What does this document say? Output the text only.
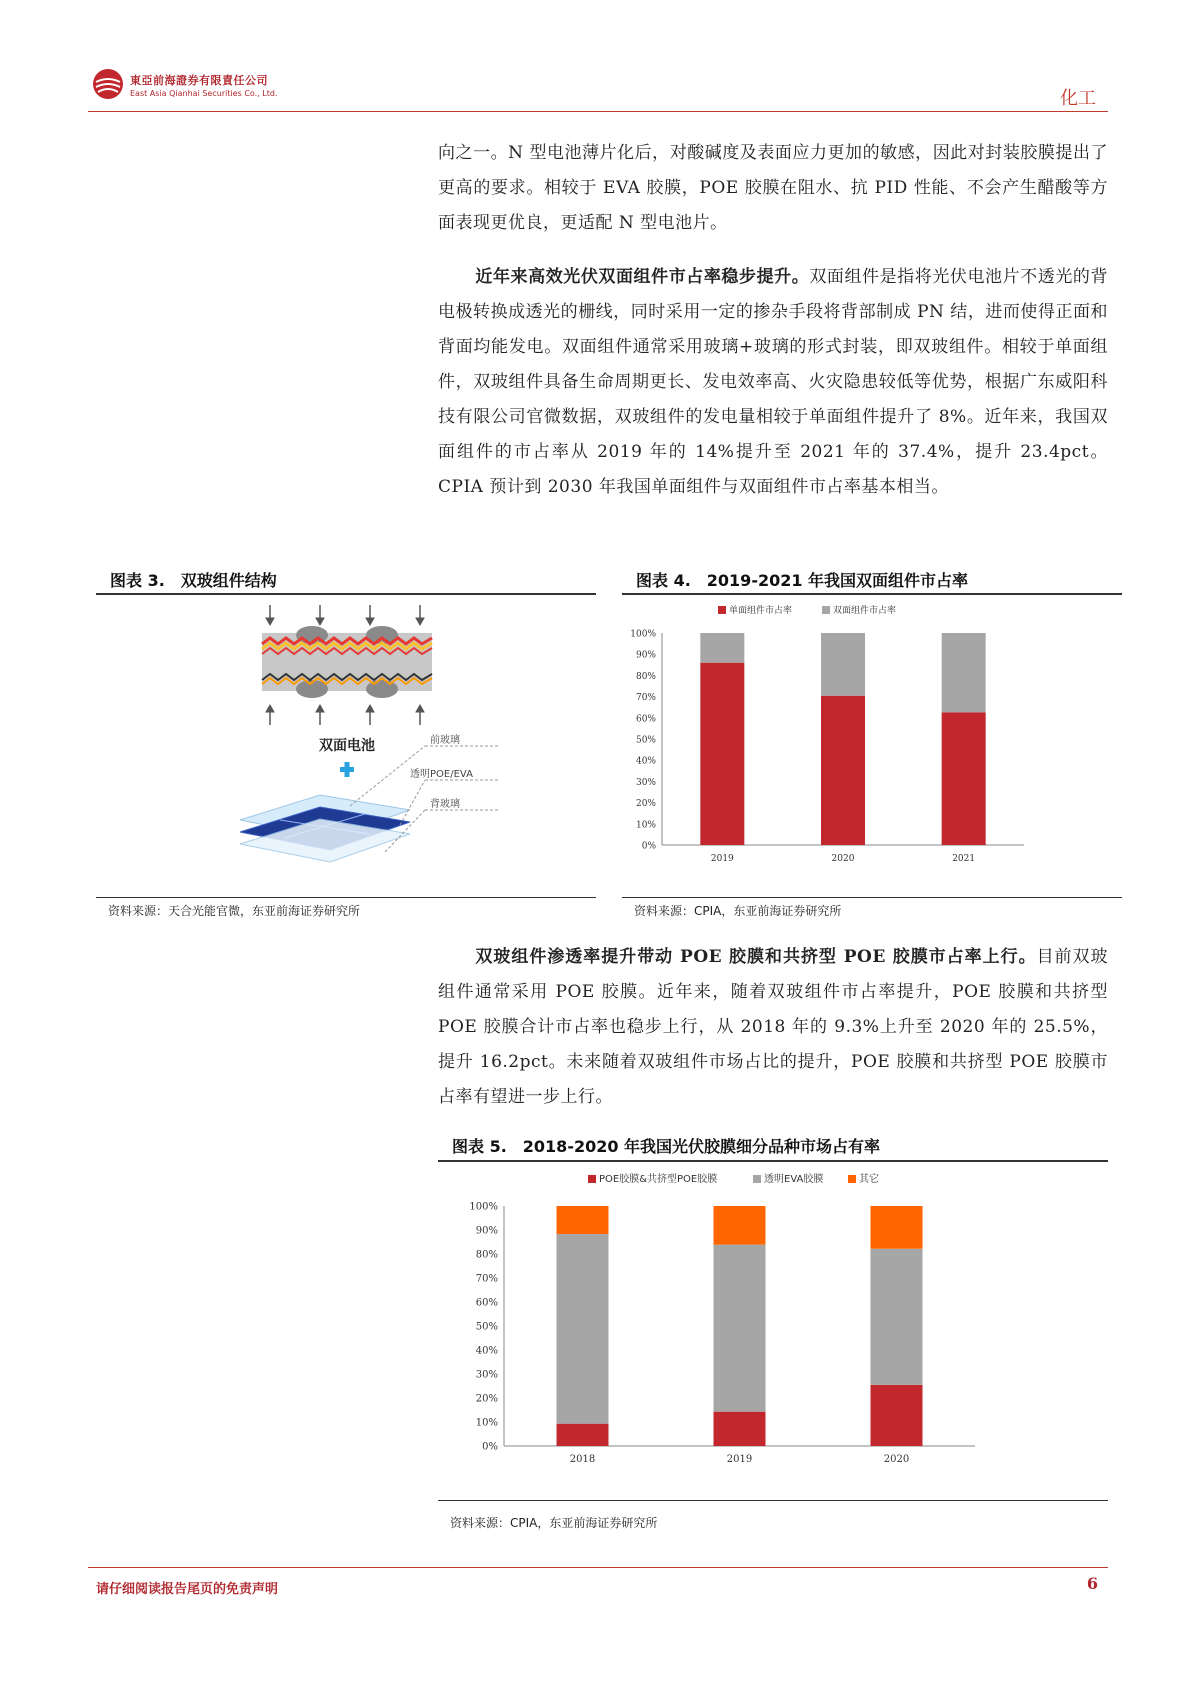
東亞前海證券有限責任公司
East Asia Qianhai Securities Co., Ltd.	化工
向之一。N 型电池薄片化后，对酸碱度及表面应力更加的敏感，因此对封装胶膜提出了更高的要求。相较于 EVA 胶膜，POE 胶膜在阻水、抗 PID 性能、不会产生醋酸等方面表现更优良，更适配 N 型电池片。
近年来高效光伏双面组件市占率稳步提升。双面组件是指将光伏电池片不透光的背电极转换成透光的栅线，同时采用一定的掺杂手段将背部制成 PN 结，进而使得正面和背面均能发电。双面组件通常采用玻璃+玻璃的形式封装，即双玻组件。相较于单面组件，双玻组件具备生命周期更长、发电效率高、火灾隐患较低等优势，根据广东威阳科技有限公司官微数据，双玻组件的发电量相较于单面组件提升了 8%。近年来，我国双面组件的市占率从 2019 年的 14%提升至 2021 年的 37.4%，提升 23.4pct。CPIA 预计到 2030 年我国单面组件与双面组件市占率基本相当。
图表 3.　双玻组件结构
双面电池	前玻璃
透明POE/EVA
背玻璃
资料来源：天合光能官微，东亚前海证券研究所
图表 4.　2019-2021 年我国双面组件市占率
单面组件市占率	双面组件市占率
0%
10%
20%
30%
40%
50%
60%
70%
80%
90%
100%
2019	2020	2021
资料来源：CPIA，东亚前海证券研究所
双玻组件渗透率提升带动 POE 胶膜和共挤型 POE 胶膜市占率上行。目前双玻组件通常采用 POE 胶膜。近年来，随着双玻组件市占率提升，POE 胶膜和共挤型 POE 胶膜合计市占率也稳步上行，从 2018 年的 9.3%上升至 2020 年的 25.5%，提升 16.2pct。未来随着双玻组件市场占比的提升，POE 胶膜和共挤型 POE 胶膜市占率有望进一步上行。
图表 5.　2018-2020 年我国光伏胶膜细分品种市场占有率
POE胶膜&共挤型POE胶膜	透明EVA胶膜	其它
0%
10%
20%
30%
40%
50%
60%
70%
80%
90%
100%
2018	2019	2020
资料来源：CPIA，东亚前海证券研究所
请仔细阅读报告尾页的免责声明	6
